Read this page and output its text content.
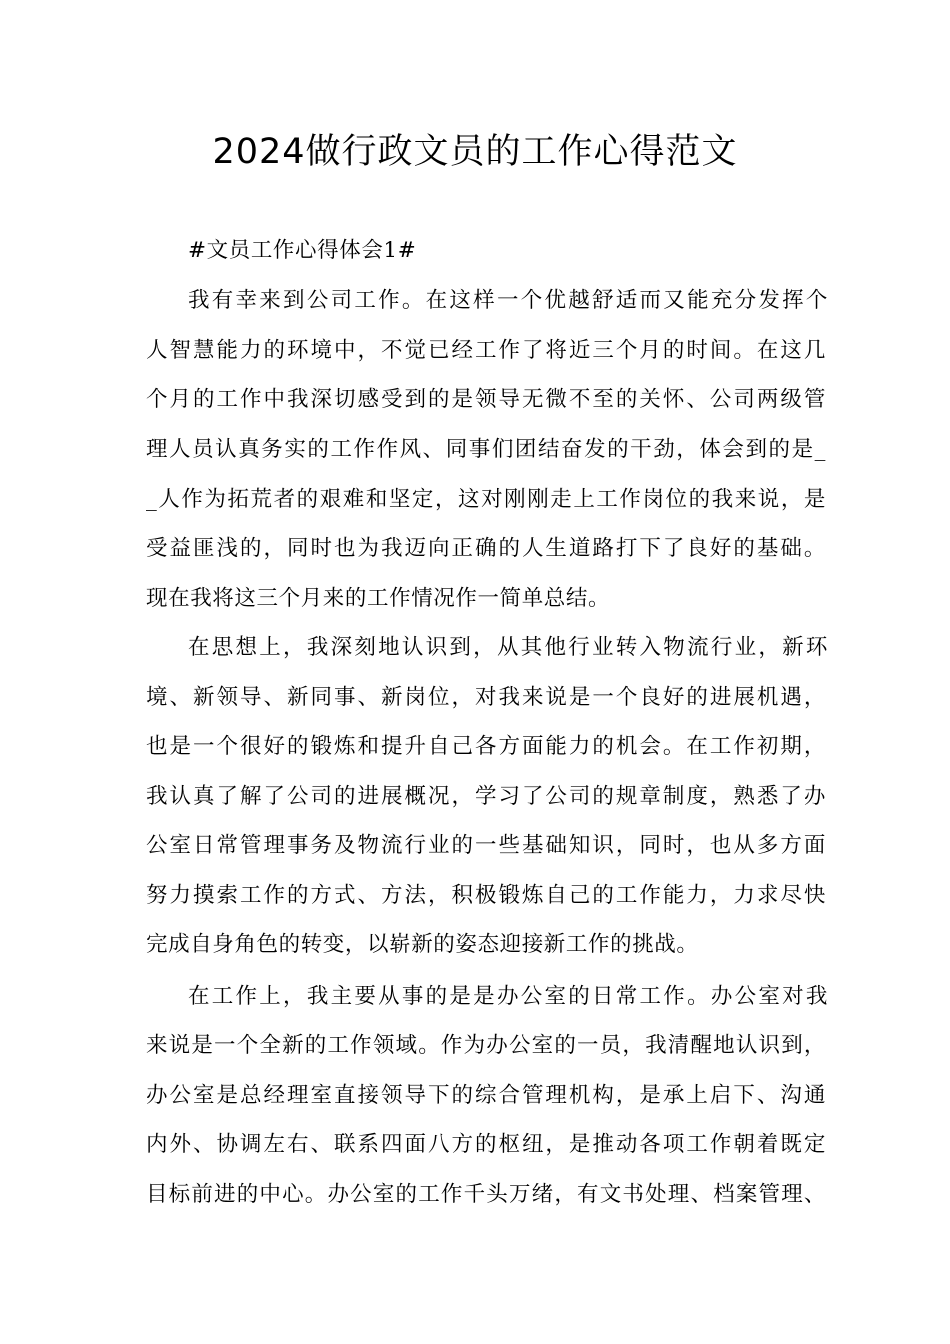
2024做行政文员的工作心得范文
#文员工作心得体会1#
我有幸来到公司工作。在这样一个优越舒适而又能充分发挥个
人智慧能力的环境中，不觉已经工作了将近三个月的时间。在这几
个月的工作中我深切感受到的是领导无微不至的关怀、公司两级管
理人员认真务实的工作作风、同事们团结奋发的干劲，体会到的是_
_人作为拓荒者的艰难和坚定，这对刚刚走上工作岗位的我来说，是
受益匪浅的，同时也为我迈向正确的人生道路打下了良好的基础。
现在我将这三个月来的工作情况作一简单总结。
在思想上，我深刻地认识到，从其他行业转入物流行业，新环
境、新领导、新同事、新岗位，对我来说是一个良好的进展机遇，
也是一个很好的锻炼和提升自己各方面能力的机会。在工作初期，
我认真了解了公司的进展概况，学习了公司的规章制度，熟悉了办
公室日常管理事务及物流行业的一些基础知识，同时，也从多方面
努力摸索工作的方式、方法，积极锻炼自己的工作能力，力求尽快
完成自身角色的转变，以崭新的姿态迎接新工作的挑战。
在工作上，我主要从事的是是办公室的日常工作。办公室对我
来说是一个全新的工作领域。作为办公室的一员，我清醒地认识到，
办公室是总经理室直接领导下的综合管理机构，是承上启下、沟通
内外、协调左右、联系四面八方的枢纽，是推动各项工作朝着既定
目标前进的中心。办公室的工作千头万绪，有文书处理、档案管理、
